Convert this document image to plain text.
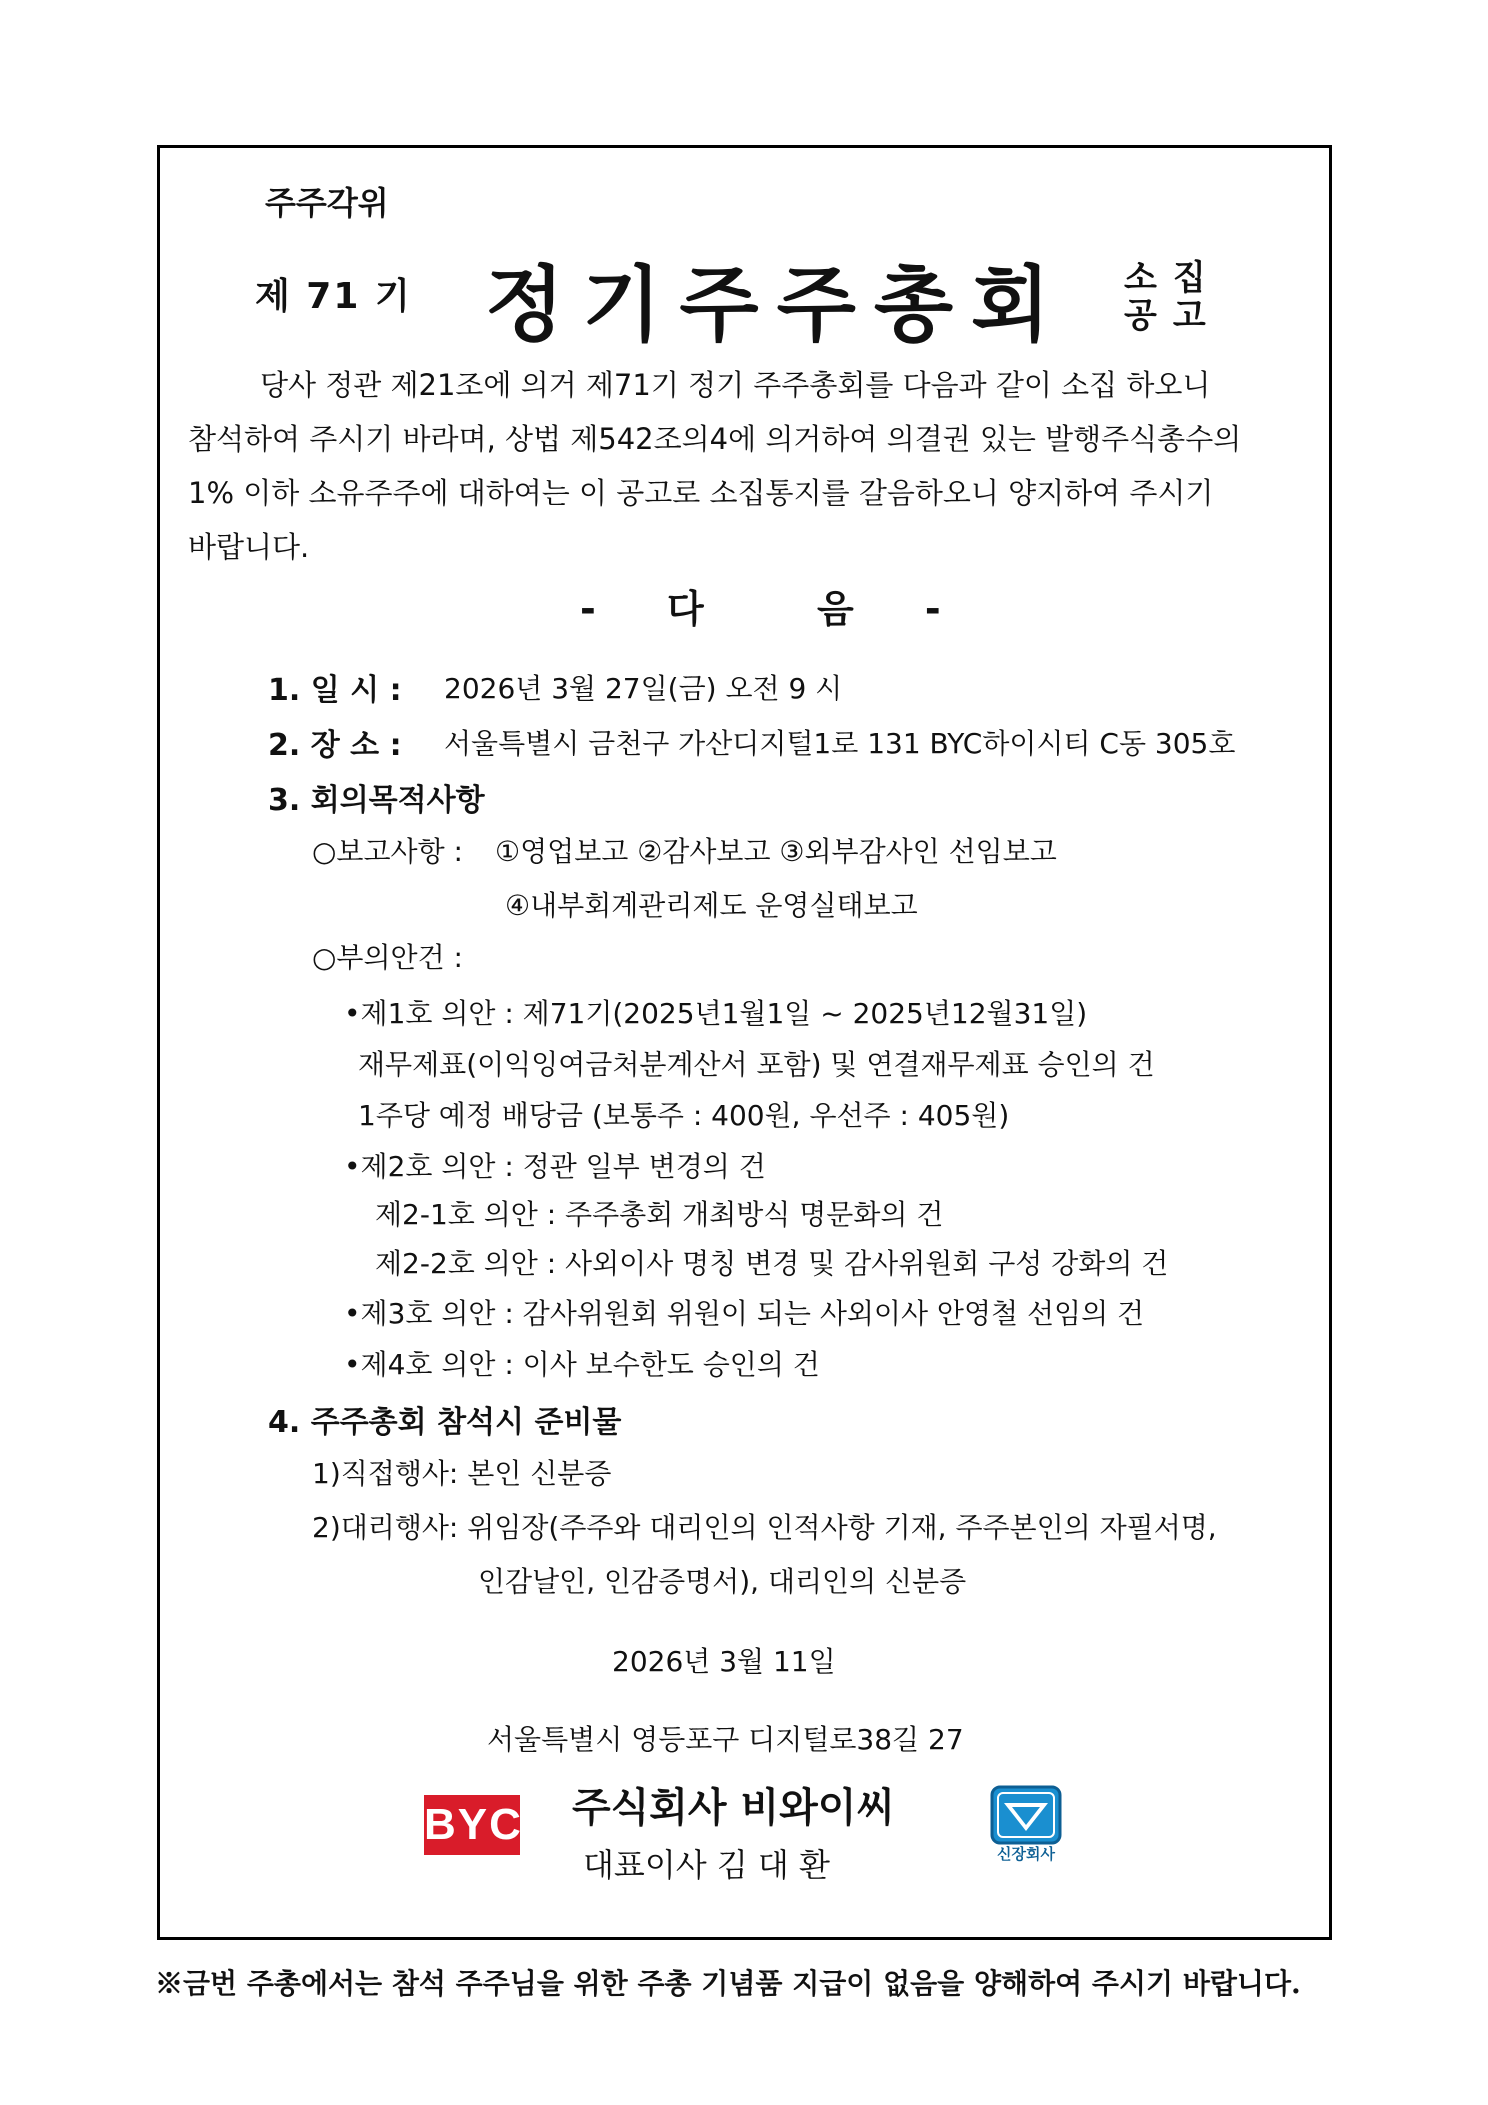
주주각위
제 71 기 정기주주총회 소집
공고

당사 정관 제21조에 의거 제71기 정기 주주총회를 다음과 같이 소집 하오니

참석하여 주시기 바라며, 상법 제542조의4에 의거하여 의결권 있는 발행주식총수의

1% 이하 소유주주에 대하여는 이 공고로 소집통지를 갈음하오니 양지하여 주시기

바랍니다.

- 다	음 -
1. 일 시 : 2026년 3월 27일(금) 오전 9 시
2. 장 소 : 서울특별시 금천구 가산디지털1로 131 BYC하이시티 C동 305호
3. 회의목적사항
○보고사항 : ①영업보고 ②감사보고 ③외부감사인 선임보고
④내부회계관리제도 운영실태보고
○부의안건 :
•제1호 의안 : 제71기(2025년1월1일 ~ 2025년12월31일)
재무제표(이익잉여금처분계산서 포함) 및 연결재무제표 승인의 건
1주당 예정 배당금 (보통주 : 400원, 우선주 : 405원)
•제2호 의안 : 정관 일부 변경의 건
제2-1호 의안 : 주주총회 개최방식 명문화의 건
제2-2호 의안 : 사외이사 명칭 변경 및 감사위원회 구성 강화의 건
•제3호 의안 : 감사위원회 위원이 되는 사외이사 안영철 선임의 건
•제4호 의안 : 이사 보수한도 승인의 건
4. 주주총회 참석시 준비물
1)직접행사: 본인 신분증
2)대리행사: 위임장(주주와 대리인의 인적사항 기재, 주주본인의 자필서명,
인감날인, 인감증명서), 대리인의 신분증
2026년 3월 11일
서울특별시 영등포구 디지털로38길 27
BYC 주식회사 비와이씨
대표이사 김 대 환	신장회사
※금번 주총에서는 참석 주주님을 위한 주총 기념품 지급이 없음을 양해하여 주시기 바랍니다.
